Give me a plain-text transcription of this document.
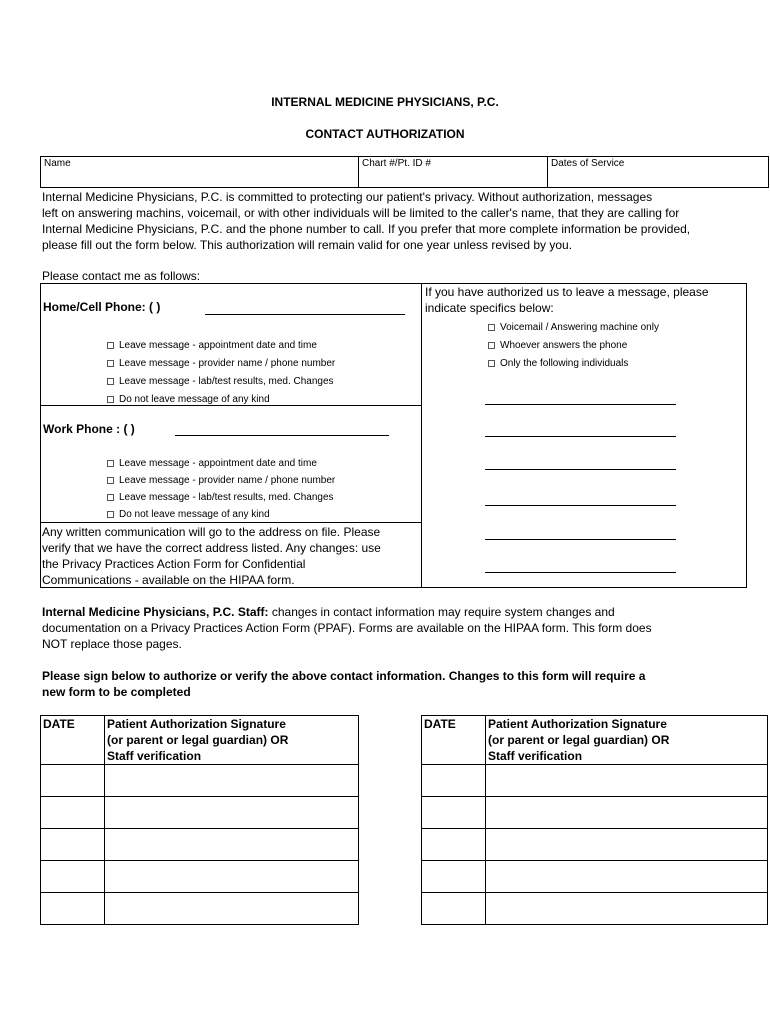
INTERNAL MEDICINE PHYSICIANS, P.C.
CONTACT AUTHORIZATION
Name	Chart #/Pt. ID #	Dates of Service
Internal Medicine Physicians, P.C. is committed to protecting our patient's privacy. Without authorization, messages
left on answering machins, voicemail, or with other individuals will be limited to the caller's name, that they are calling for
Internal Medicine Physicians, P.C. and the phone number to call. If you prefer that more complete information be provided,
please fill out the form below. This authorization will remain valid for one year unless revised by you.
Please contact me as follows:
Home/Cell Phone: ( )
Leave message - appointment date and time
Leave message - provider name / phone number
Leave message - lab/test results, med. Changes
Do not leave message of any kind
Work Phone : ( )
Leave message - appointment date and time
Leave message - provider name / phone number
Leave message - lab/test results, med. Changes
Do not leave message of any kind
Any written communication will go to the address on file. Please
verify that we have the correct address listed. Any changes: use
the Privacy Practices Action Form for Confidential
Communications - available on the HIPAA form.
If you have authorized us to leave a message, please
indicate specifics below:
Voicemail / Answering machine only
Whoever answers the phone
Only the following individuals
Internal Medicine Physicians, P.C. Staff: changes in contact information may require system changes and
documentation on a Privacy Practices Action Form (PPAF). Forms are available on the HIPAA form. This form does
NOT replace those pages.
Please sign below to authorize or verify the above contact information. Changes to this form will require a
new form to be completed
DATE	Patient Authorization Signature
(or parent or legal guardian) OR
Staff verification

DATE	Patient Authorization Signature
(or parent or legal guardian) OR
Staff verification
